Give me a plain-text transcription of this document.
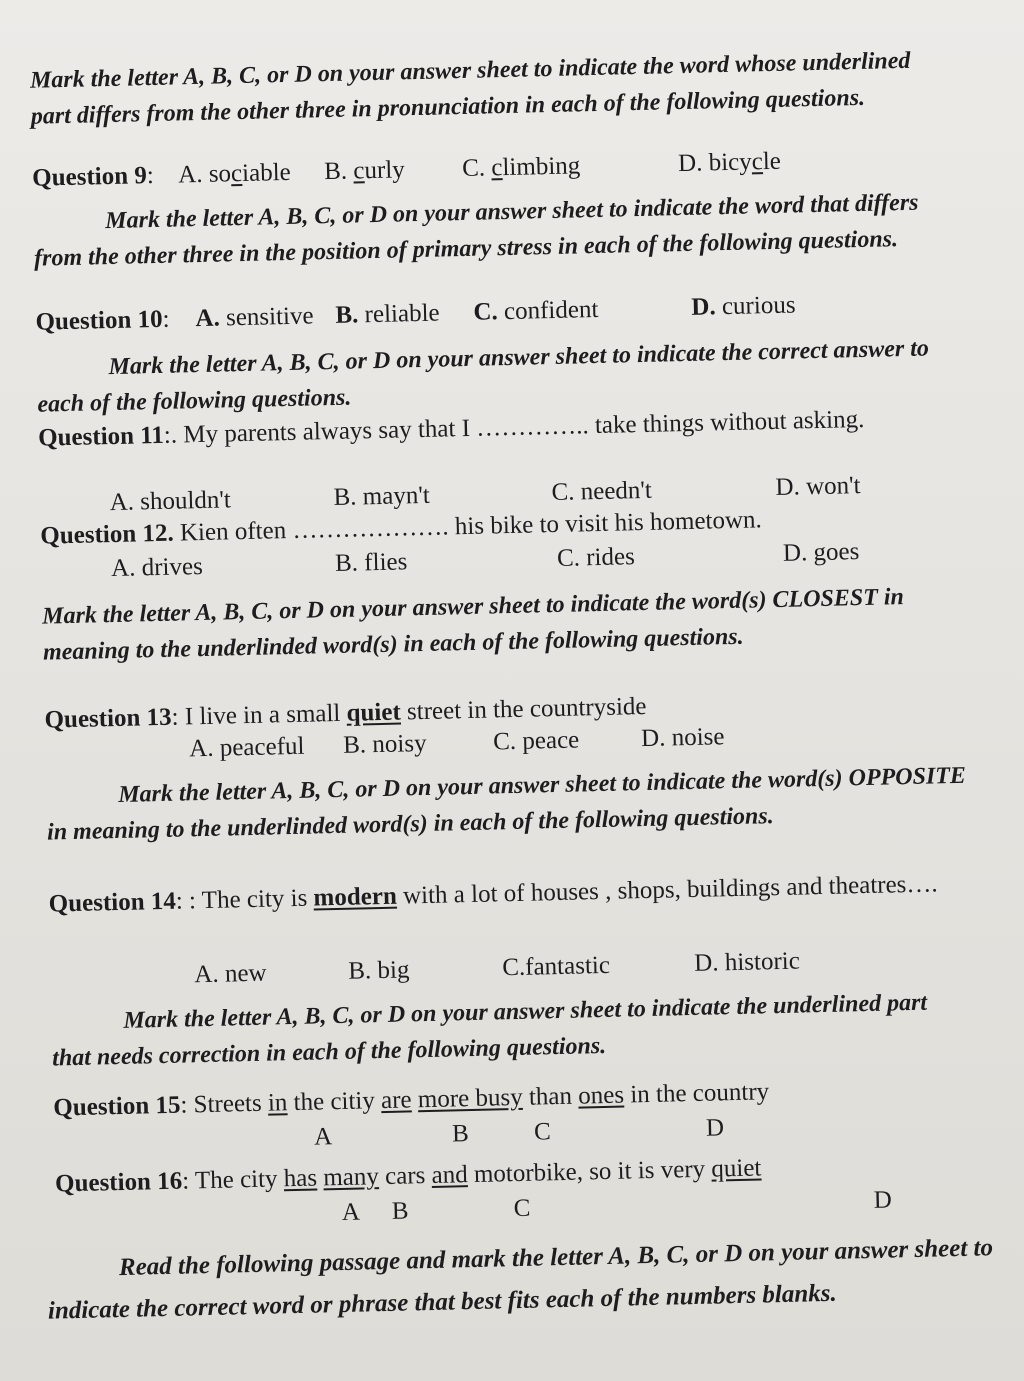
Mark the letter A, B, C, or D on your answer sheet to indicate the word whose underlined part differs from the other three in pronunciation in each of the following questions.
Question 9: A. sociable B. curly C. climbing	D. bicycle
Mark the letter A, B, C, or D on your answer sheet to indicate the word that differs from the other three in the position of primary stress in each of the following questions.
Question 10:	A. sensitive B. reliable C. confident	D. curious
Mark the letter A, B, C, or D on your answer sheet to indicate the correct answer to each of the following questions.
Question 11:. My parents always say that I ………….. take things without asking.
A. shouldn't	B. mayn't	C. needn't	D. won't
Question 12. Kien often ………………. his bike to visit his hometown.
A. drives	B. flies	C. rides	D. goes
Mark the letter A, B, C, or D on your answer sheet to indicate the word(s) CLOSEST in meaning to the underlinded word(s) in each of the following questions.
Question 13: I live in a small quiet street in the countryside
A. peaceful B. noisy	C. peace D. noise
Mark the letter A, B, C, or D on your answer sheet to indicate the word(s) OPPOSITE in meaning to the underlinded word(s) in each of the following questions.
Question 14: : The city is modern with a lot of houses , shops, buildings and theatres….
A. new	B. big	C.fantastic	D. historic
Mark the letter A, B, C, or D on your answer sheet to indicate the underlined part that needs correction in each of the following questions.
Question 15: Streets in the citiy are more busy than ones in the country
A	B	C	D
Question 16: The city has many cars and motorbike, so it is very quiet
A B	C	D
Read the following passage and mark the letter A, B, C, or D on your answer sheet to indicate the correct word or phrase that best fits each of the numbers blanks.
